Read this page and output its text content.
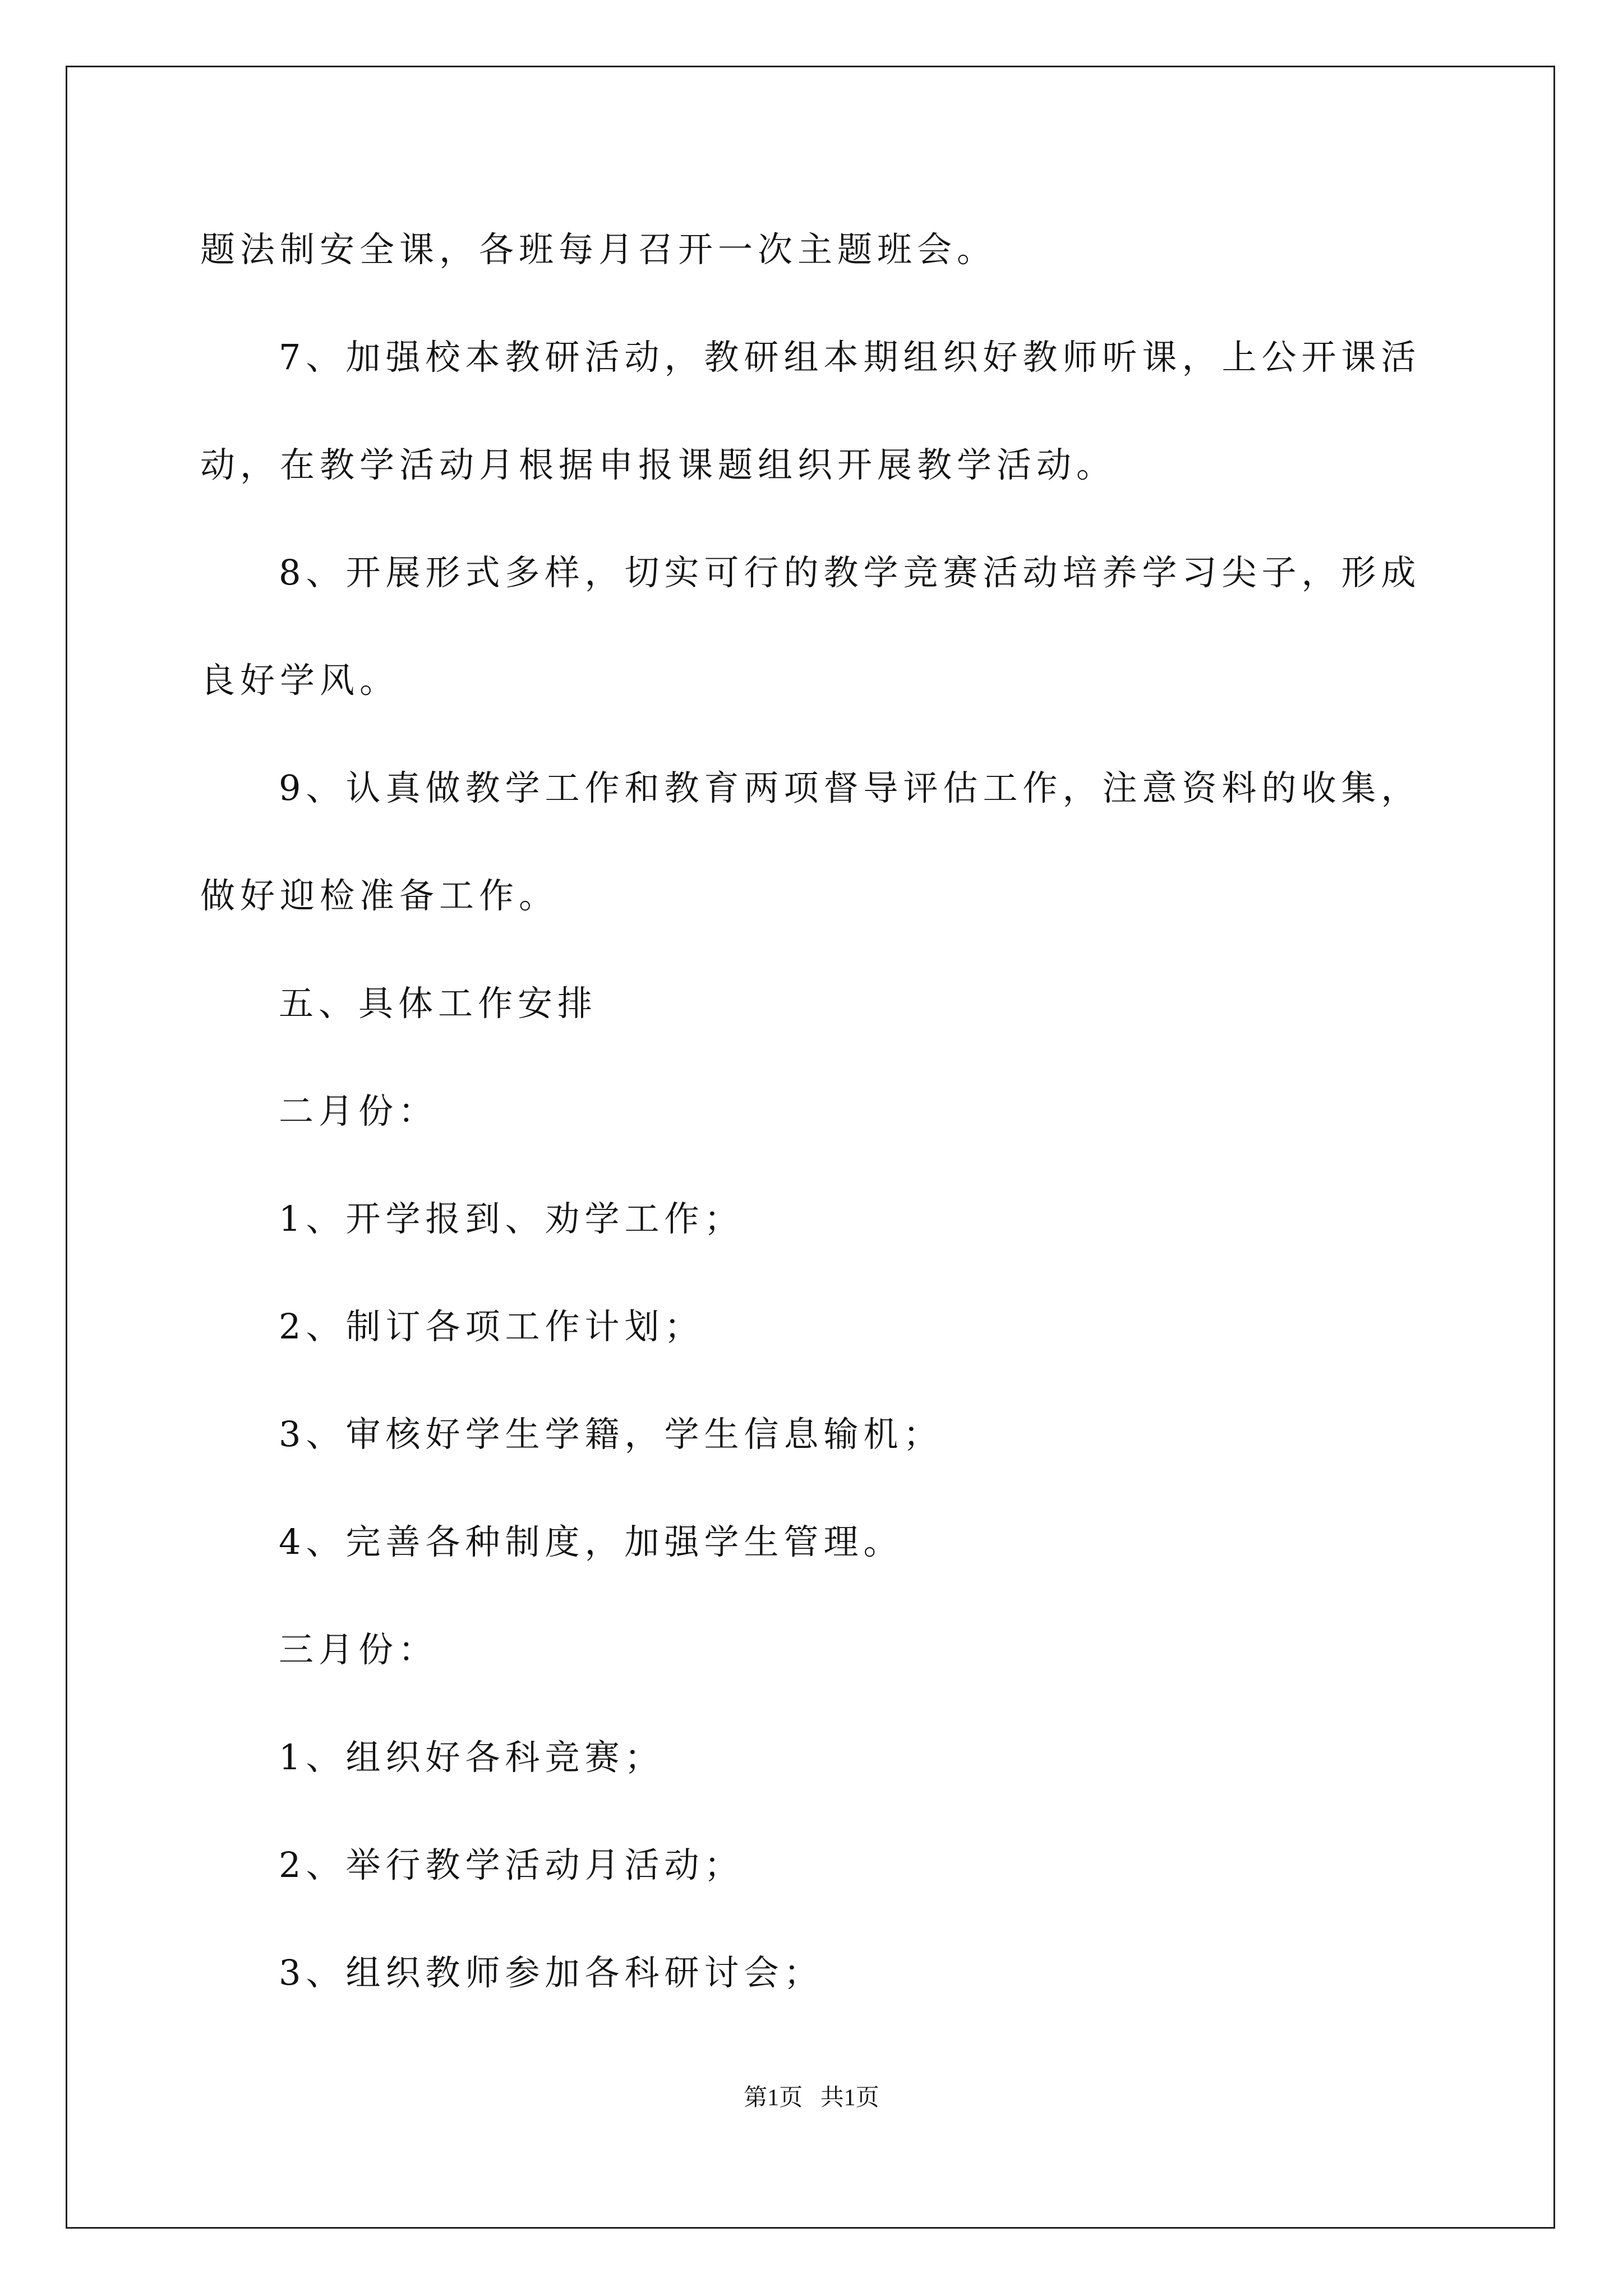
题法制安全课，各班每月召开一次主题班会。
7、加强校本教研活动，教研组本期组织好教师听课，上公开课活
动，在教学活动月根据申报课题组织开展教学活动。
8、开展形式多样，切实可行的教学竞赛活动培养学习尖子，形成
良好学风。
9、认真做教学工作和教育两项督导评估工作，注意资料的收集，
做好迎检准备工作。
五、具体工作安排
二月份：
1、开学报到、劝学工作；
2、制订各项工作计划；
3、审核好学生学籍，学生信息输机；
4、完善各种制度，加强学生管理。
三月份：
1、组织好各科竞赛；
2、举行教学活动月活动；
3、组织教师参加各科研讨会；
第1页   共1页
